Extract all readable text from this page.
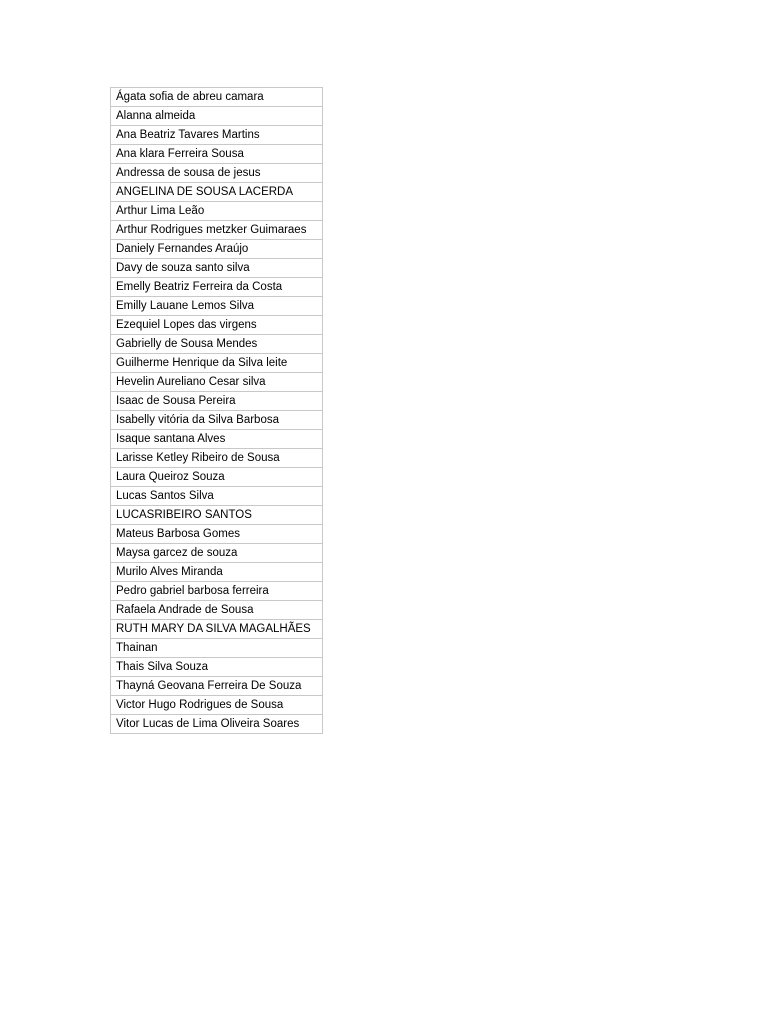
Ágata sofia de abreu camara
Alanna almeida
Ana Beatriz Tavares Martins
Ana klara Ferreira Sousa
Andressa de sousa de jesus
ANGELINA DE SOUSA LACERDA
Arthur Lima Leão
Arthur Rodrigues metzker Guimaraes
Daniely Fernandes Araújo
Davy de souza santo silva
Emelly Beatriz Ferreira da Costa
Emilly Lauane Lemos Silva
Ezequiel Lopes das virgens
Gabrielly de Sousa Mendes
Guilherme Henrique da Silva leite
Hevelin Aureliano Cesar silva
Isaac de Sousa Pereira
Isabelly vitória da Silva Barbosa
Isaque santana Alves
Larisse Ketley Ribeiro de Sousa
Laura Queiroz Souza
Lucas Santos Silva
LUCASRIBEIRO SANTOS
Mateus Barbosa Gomes
Maysa garcez de souza
Murilo Alves Miranda
Pedro gabriel barbosa ferreira
Rafaela Andrade de Sousa
RUTH MARY DA SILVA MAGALHÃES
Thainan
Thais Silva Souza
Thayná Geovana Ferreira De Souza
Victor Hugo Rodrigues de Sousa
Vitor Lucas de Lima Oliveira Soares
